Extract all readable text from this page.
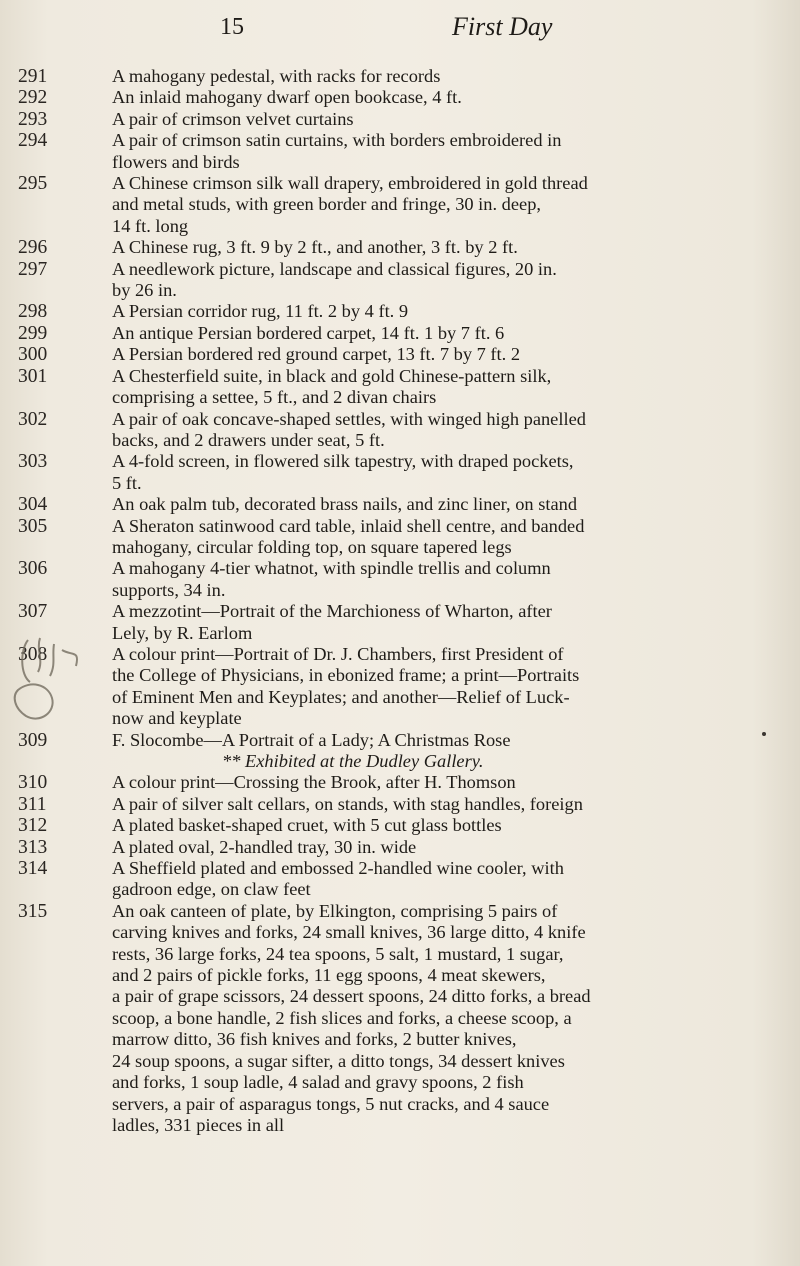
15	First Day
291	A mahogany pedestal, with racks for records
292	An inlaid mahogany dwarf open bookcase, 4 ft.
293	A pair of crimson velvet curtains
294	A pair of crimson satin curtains, with borders embroidered in
flowers and birds
295	A Chinese crimson silk wall drapery, embroidered in gold thread
and metal studs, with green border and fringe, 30 in. deep,
14 ft. long
296	A Chinese rug, 3 ft. 9 by 2 ft., and another, 3 ft. by 2 ft.
297	A needlework picture, landscape and classical figures, 20 in.
by 26 in.
298	A Persian corridor rug, 11 ft. 2 by 4 ft. 9
299	An antique Persian bordered carpet, 14 ft. 1 by 7 ft. 6
300	A Persian bordered red ground carpet, 13 ft. 7 by 7 ft. 2
301	A Chesterfield suite, in black and gold Chinese-pattern silk,
comprising a settee, 5 ft., and 2 divan chairs
302	A pair of oak concave-shaped settles, with winged high panelled
backs, and 2 drawers under seat, 5 ft.
303	A 4-fold screen, in flowered silk tapestry, with draped pockets,
5 ft.
304	An oak palm tub, decorated brass nails, and zinc liner, on stand
305	A Sheraton satinwood card table, inlaid shell centre, and banded
mahogany, circular folding top, on square tapered legs
306	A mahogany 4-tier whatnot, with spindle trellis and column
supports, 34 in.
307	A mezzotint—Portrait of the Marchioness of Wharton, after
Lely, by R. Earlom
308	A colour print—Portrait of Dr. J. Chambers, first President of
the College of Physicians, in ebonized frame; a print—Portraits
of Eminent Men and Keyplates; and another—Relief of Luck-
now and keyplate
309	F. Slocombe—A Portrait of a Lady; A Christmas Rose
** Exhibited at the Dudley Gallery.
310	A colour print—Crossing the Brook, after H. Thomson
311	A pair of silver salt cellars, on stands, with stag handles, foreign
312	A plated basket-shaped cruet, with 5 cut glass bottles
313	A plated oval, 2-handled tray, 30 in. wide
314	A Sheffield plated and embossed 2-handled wine cooler, with
gadroon edge, on claw feet
315	An oak canteen of plate, by Elkington, comprising 5 pairs of
carving knives and forks, 24 small knives, 36 large ditto, 4 knife
rests, 36 large forks, 24 tea spoons, 5 salt, 1 mustard, 1 sugar,
and 2 pairs of pickle forks, 11 egg spoons, 4 meat skewers,
a pair of grape scissors, 24 dessert spoons, 24 ditto forks, a bread
scoop, a bone handle, 2 fish slices and forks, a cheese scoop, a
marrow ditto, 36 fish knives and forks, 2 butter knives,
24 soup spoons, a sugar sifter, a ditto tongs, 34 dessert knives
and forks, 1 soup ladle, 4 salad and gravy spoons, 2 fish
servers, a pair of asparagus tongs, 5 nut cracks, and 4 sauce
ladles, 331 pieces in all
